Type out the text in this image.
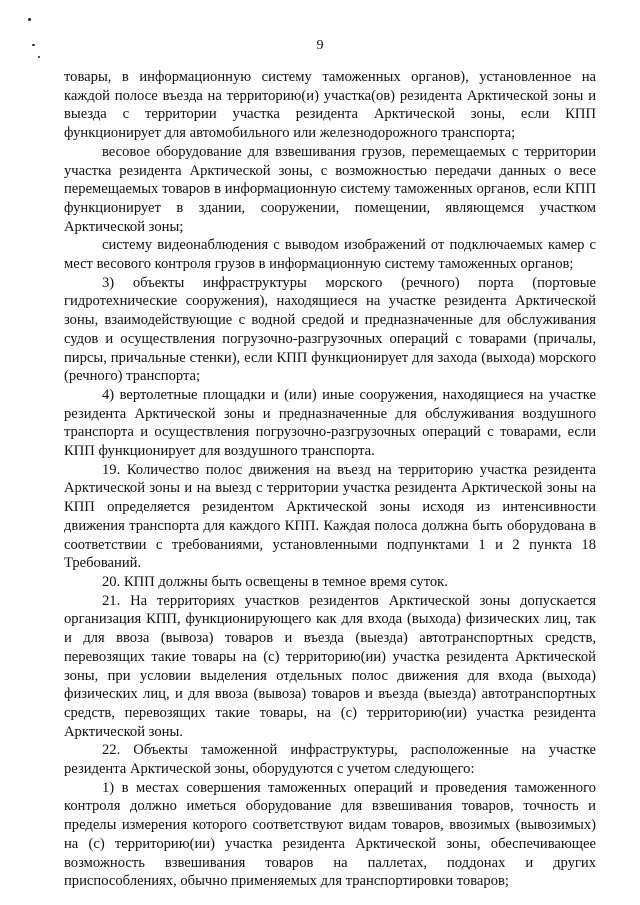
9

товары, в информационную систему таможенных органов), установленное на каждой полосе въезда на территорию(и) участка(ов) резидента Арктической зоны и выезда с территории участка резидента Арктической зоны, если КПП функционирует для автомобильного или железнодорожного транспорта;

весовое оборудование для взвешивания грузов, перемещаемых с территории участка резидента Арктической зоны, с возможностью передачи данных о весе перемещаемых товаров в информационную систему таможенных органов, если КПП функционирует в здании, сооружении, помещении, являющемся участком Арктической зоны;

систему видеонаблюдения с выводом изображений от подключаемых камер с мест весового контроля грузов в информационную систему таможенных органов;

3) объекты инфраструктуры морского (речного) порта (портовые гидротехнические сооружения), находящиеся на участке резидента Арктической зоны, взаимодействующие с водной средой и предназначенные для обслуживания судов и осуществления погрузочно-разгрузочных операций с товарами (причалы, пирсы, причальные стенки), если КПП функционирует для захода (выхода) морского (речного) транспорта;

4) вертолетные площадки и (или) иные сооружения, находящиеся на участке резидента Арктической зоны и предназначенные для обслуживания воздушного транспорта и осуществления погрузочно-разгрузочных операций с товарами, если КПП функционирует для воздушного транспорта.

19. Количество полос движения на въезд на территорию участка резидента Арктической зоны и на выезд с территории участка резидента Арктической зоны на КПП определяется резидентом Арктической зоны исходя из интенсивности движения транспорта для каждого КПП. Каждая полоса должна быть оборудована в соответствии с требованиями, установленными подпунктами 1 и 2 пункта 18 Требований.

20. КПП должны быть освещены в темное время суток.

21. На территориях участков резидентов Арктической зоны допускается организация КПП, функционирующего как для входа (выхода) физических лиц, так и для ввоза (вывоза) товаров и въезда (выезда) автотранспортных средств, перевозящих такие товары на (с) территорию(ии) участка резидента Арктической зоны, при условии выделения отдельных полос движения для входа (выхода) физических лиц, и для ввоза (вывоза) товаров и въезда (выезда) автотранспортных средств, перевозящих такие товары, на (с) территорию(ии) участка резидента Арктической зоны.

22. Объекты таможенной инфраструктуры, расположенные на участке резидента Арктической зоны, оборудуются с учетом следующего:

1) в местах совершения таможенных операций и проведения таможенного контроля должно иметься оборудование для взвешивания товаров, точность и пределы измерения которого соответствуют видам товаров, ввозимых (вывозимых) на (с) территорию(ии) участка резидента Арктической зоны, обеспечивающее возможность взвешивания товаров на паллетах, поддонах и других приспособлениях, обычно применяемых для транспортировки товаров;
